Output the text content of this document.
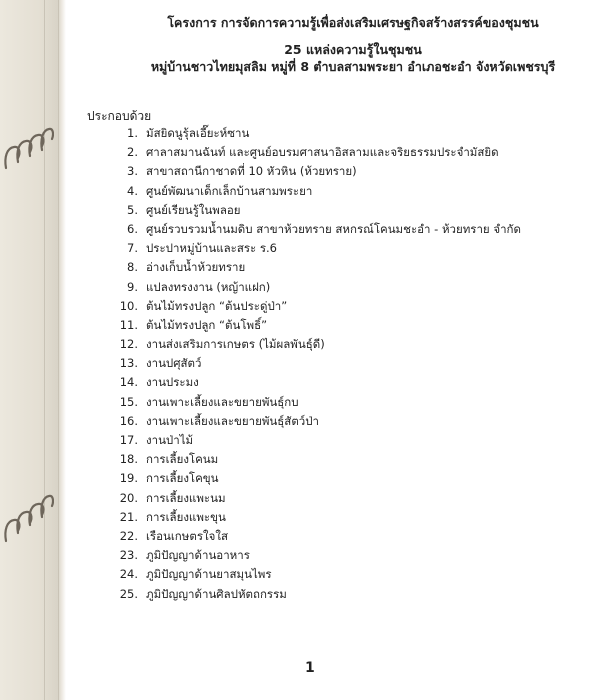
โครงการ การจัดการความรู้เพื่อส่งเสริมเศรษฐกิจสร้างสรรค์ของชุมชน
25 แหล่งความรู้ในชุมชน
หมู่บ้านชาวไทยมุสลิม หมู่ที่ 8 ตำบลสามพระยา อำเภอชะอำ จังหวัดเพชรบุรี
ประกอบด้วย
1. มัสยิดนูรุ้ลเอี๊ยะห์ซาน
2. ศาลาสมานฉันท์ และศูนย์อบรมศาสนาอิสลามและจริยธรรมประจำมัสยิด
3. สาขาสถานีกาชาดที่ 10 หัวหิน (ห้วยทราย)
4. ศูนย์พัฒนาเด็กเล็กบ้านสามพระยา
5. ศูนย์เรียนรู้ในพลอย
6. ศูนย์รวบรวมน้ำนมดิบ สาขาห้วยทราย สหกรณ์โคนมชะอำ - ห้วยทราย จำกัด
7. ประปาหมู่บ้านและสระ ร.6
8. อ่างเก็บน้ำห้วยทราย
9. แปลงทรงงาน (หญ้าแฝก)
10. ต้นไม้ทรงปลูก “ต้นประดู่ป่า”
11. ต้นไม้ทรงปลูก “ต้นโพธิ์”
12. งานส่งเสริมการเกษตร (ไม้ผลพันธุ์ดี)
13. งานปศุสัตว์
14. งานประมง
15. งานเพาะเลี้ยงและขยายพันธุ์กบ
16. งานเพาะเลี้ยงและขยายพันธุ์สัตว์ป่า
17. งานป่าไม้
18. การเลี้ยงโคนม
19. การเลี้ยงโคขุน
20. การเลี้ยงแพะนม
21. การเลี้ยงแพะขุน
22. เรือนเกษตรใจใส
23. ภูมิปัญญาด้านอาหาร
24. ภูมิปัญญาด้านยาสมุนไพร
25. ภูมิปัญญาด้านศิลปหัตถกรรม
1
